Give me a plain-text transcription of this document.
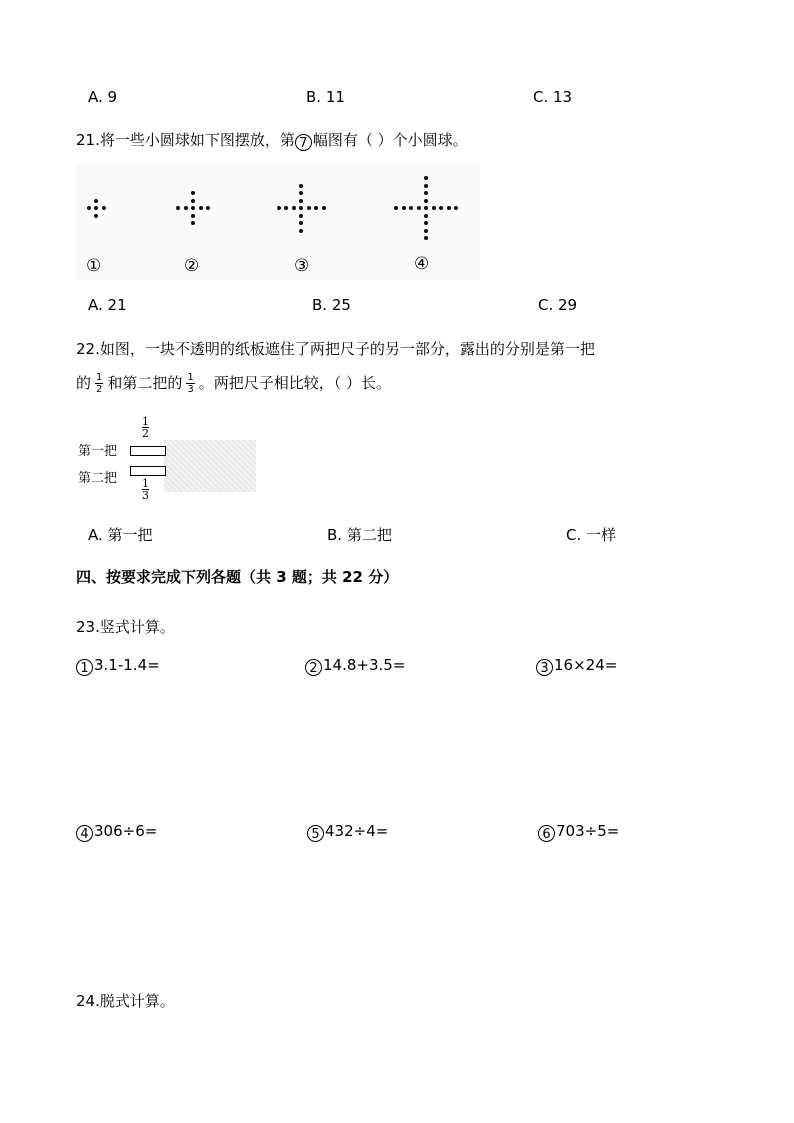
A. 9	B. 11	C. 13
21.将一些小圆球如下图摆放，第 7 幅图有（ ）个小圆球。
①	②	③	④
A. 21	B. 25	C. 29
22.如图，一块不透明的纸板遮住了两把尺子的另一部分，露出的分别是第一把
的 $\frac{1}{2}$ 和第二把的 $\frac{1}{3}$ 。两把尺子相比较，（ ）长。
第一把
第二把
$\frac{1}{2}$
$\frac{1}{3}$
A. 第一把	B. 第二把	C. 一样
四、按要求完成下列各题（共 3 题；共 22 分）
23.竖式计算。
1 3.1-1.4=	2 14.8+3.5=	3 16×24=
4 306÷6=	5 432÷4=	6 703÷5=
24.脱式计算。
